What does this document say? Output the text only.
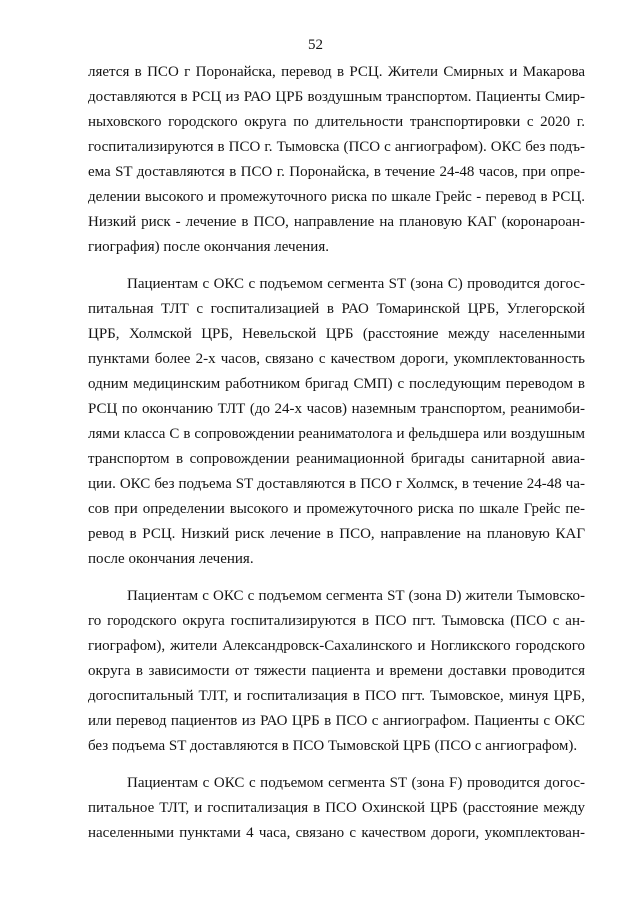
52
ляется в ПСО г Поронайска, перевод в РСЦ. Жители Смирных и Макарова
доставляются в РСЦ из РАО ЦРБ воздушным транспортом. Пациенты Смир-
ныховского городского округа по длительности транспортировки с 2020 г.
госпитализируются в ПСО г. Тымовска (ПСО с ангиографом). ОКС без подъ-
ема ST доставляются в ПСО г. Поронайска, в течение 24-48 часов, при опре-
делении высокого и промежуточного риска по шкале Грейс - перевод в РСЦ.
Низкий риск - лечение в ПСО, направление на плановую КАГ (коронароан-
гиография) после окончания лечения.
Пациентам с ОКС с подъемом сегмента ST (зона С) проводится догос-
питальная ТЛТ с госпитализацией в РАО Томаринской ЦРБ, Углегорской
ЦРБ, Холмской ЦРБ, Невельской ЦРБ (расстояние между населенными
пунктами более 2-х часов, связано с качеством дороги, укомплектованность
одним медицинским работником бригад СМП) с последующим переводом в
РСЦ по окончанию ТЛТ (до 24-х часов) наземным транспортом, реанимоби-
лями класса С в сопровождении реаниматолога и фельдшера или воздушным
транспортом в сопровождении реанимационной бригады санитарной авиа-
ции. ОКС без подъема ST доставляются в ПСО г Холмск, в течение 24-48 ча-
сов при определении высокого и промежуточного риска по шкале Грейс пе-
ревод в РСЦ. Низкий риск лечение в ПСО, направление на плановую КАГ
после окончания лечения.
Пациентам с ОКС с подъемом сегмента ST (зона D) жители Тымовско-
го городского округа госпитализируются в ПСО пгт. Тымовска (ПСО с ан-
гиографом), жители Александровск-Сахалинского и Ногликского городского
округа в зависимости от тяжести пациента и времени доставки проводится
догоспитальный ТЛТ, и госпитализация в ПСО пгт. Тымовское, минуя ЦРБ,
или перевод пациентов из РАО ЦРБ в ПСО с ангиографом. Пациенты с ОКС
без подъема ST доставляются в ПСО Тымовской ЦРБ (ПСО с ангиографом).
Пациентам с ОКС с подъемом сегмента ST (зона F) проводится догос-
питальное ТЛТ, и госпитализация в ПСО Охинской ЦРБ (расстояние между
населенными пунктами 4 часа, связано с качеством дороги, укомплектован-
